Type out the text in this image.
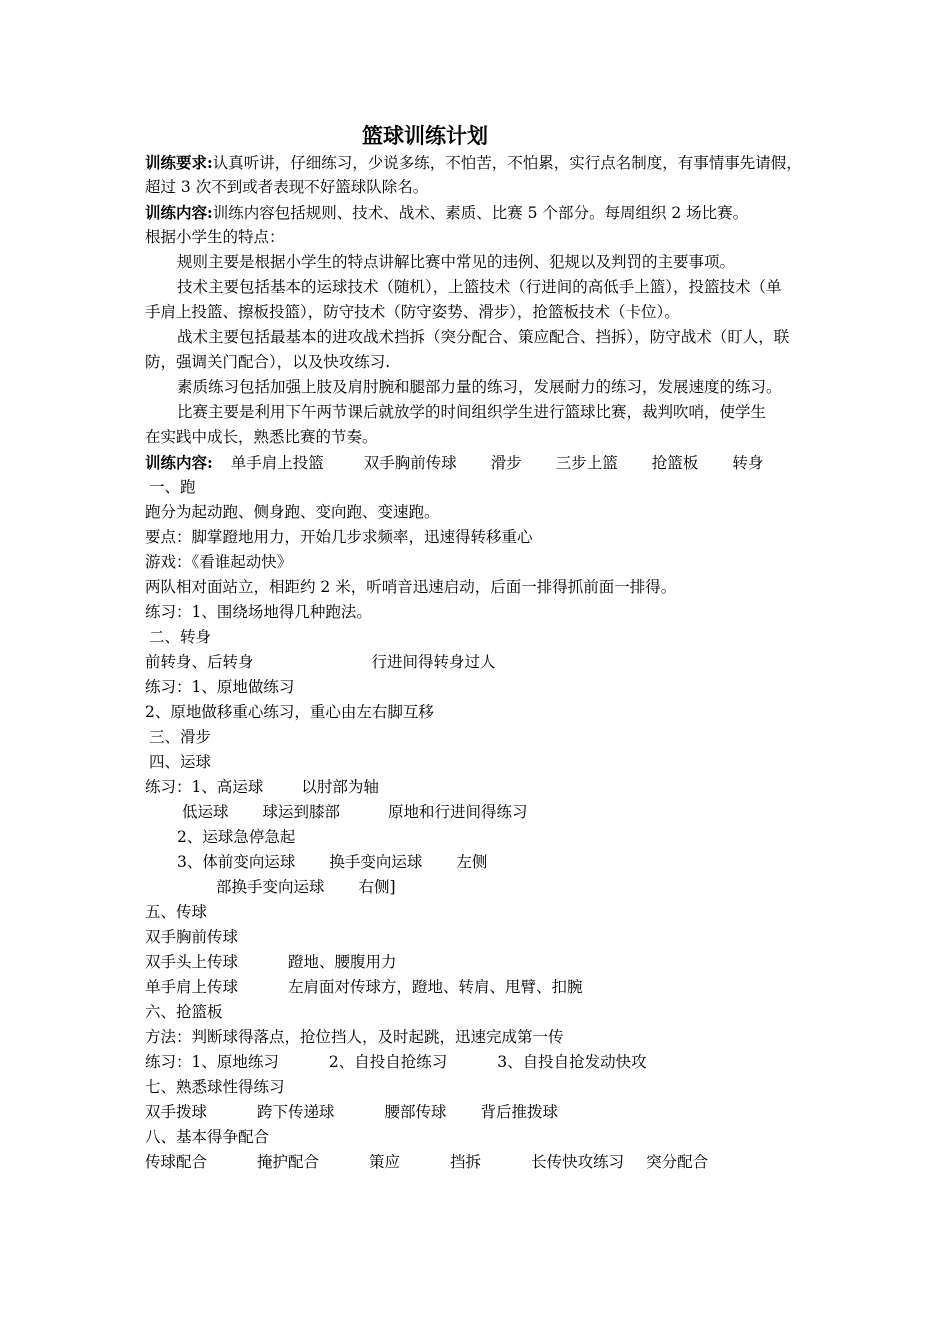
篮球训练计划
训练要求:认真听讲，仔细练习，少说多练，不怕苦，不怕累，实行点名制度，有事情事先请假，
超过 3 次不到或者表现不好篮球队除名。
训练内容:训练内容包括规则、技术、战术、素质、比赛 5 个部分。每周组织 2 场比赛。
根据小学生的特点：
规则主要是根据小学生的特点讲解比赛中常见的违例、犯规以及判罚的主要事项。
技术主要包括基本的运球技术（随机），上篮技术（行进间的高低手上篮），投篮技术（单
手肩上投篮、擦板投篮），防守技术（防守姿势、滑步），抢篮板技术（卡位）。
战术主要包括最基本的进攻战术挡拆（突分配合、策应配合、挡拆），防守战术（盯人，联
防，强调关门配合），以及快攻练习.
素质练习包括加强上肢及肩肘腕和腿部力量的练习，发展耐力的练习，发展速度的练习。
比赛主要是利用下午两节课后就放学的时间组织学生进行篮球比赛，裁判吹哨，使学生
在实践中成长，熟悉比赛的节奏。
训练内容: 单手肩上投篮	双手胸前传球 滑步 三步上篮 抢篮板 转身
一、跑
跑分为起动跑、侧身跑、变向跑、变速跑。
要点：脚掌蹬地用力，开始几步求频率，迅速得转移重心
游戏：《看谁起动快》
两队相对面站立，相距约 2 米，听哨音迅速启动，后面一排得抓前面一排得。
练习：1、围绕场地得几种跑法。
二、转身
前转身、后转身	行进间得转身过人
练习：1、原地做练习
2、原地做移重心练习，重心由左右脚互移
三、滑步
四、运球
练习：1、高运球 以肘部为轴
低运球 球运到膝部	原地和行进间得练习
2、运球急停急起
3、体前变向运球 换手变向运球 左侧
部换手变向运球 右侧]
五、传球
双手胸前传球
双手头上传球	蹬地、腰腹用力
单手肩上传球	左肩面对传球方，蹬地、转肩、甩臂、扣腕
六、抢篮板
方法：判断球得落点，抢位挡人，及时起跳，迅速完成第一传
练习：1、原地练习	2、自投自抢练习	3、自投自抢发动快攻
七、熟悉球性得练习
双手拨球	跨下传递球	腰部传球 背后推拨球
八、基本得争配合
传球配合	掩护配合	策应	挡拆	长传快攻练习 突分配合
